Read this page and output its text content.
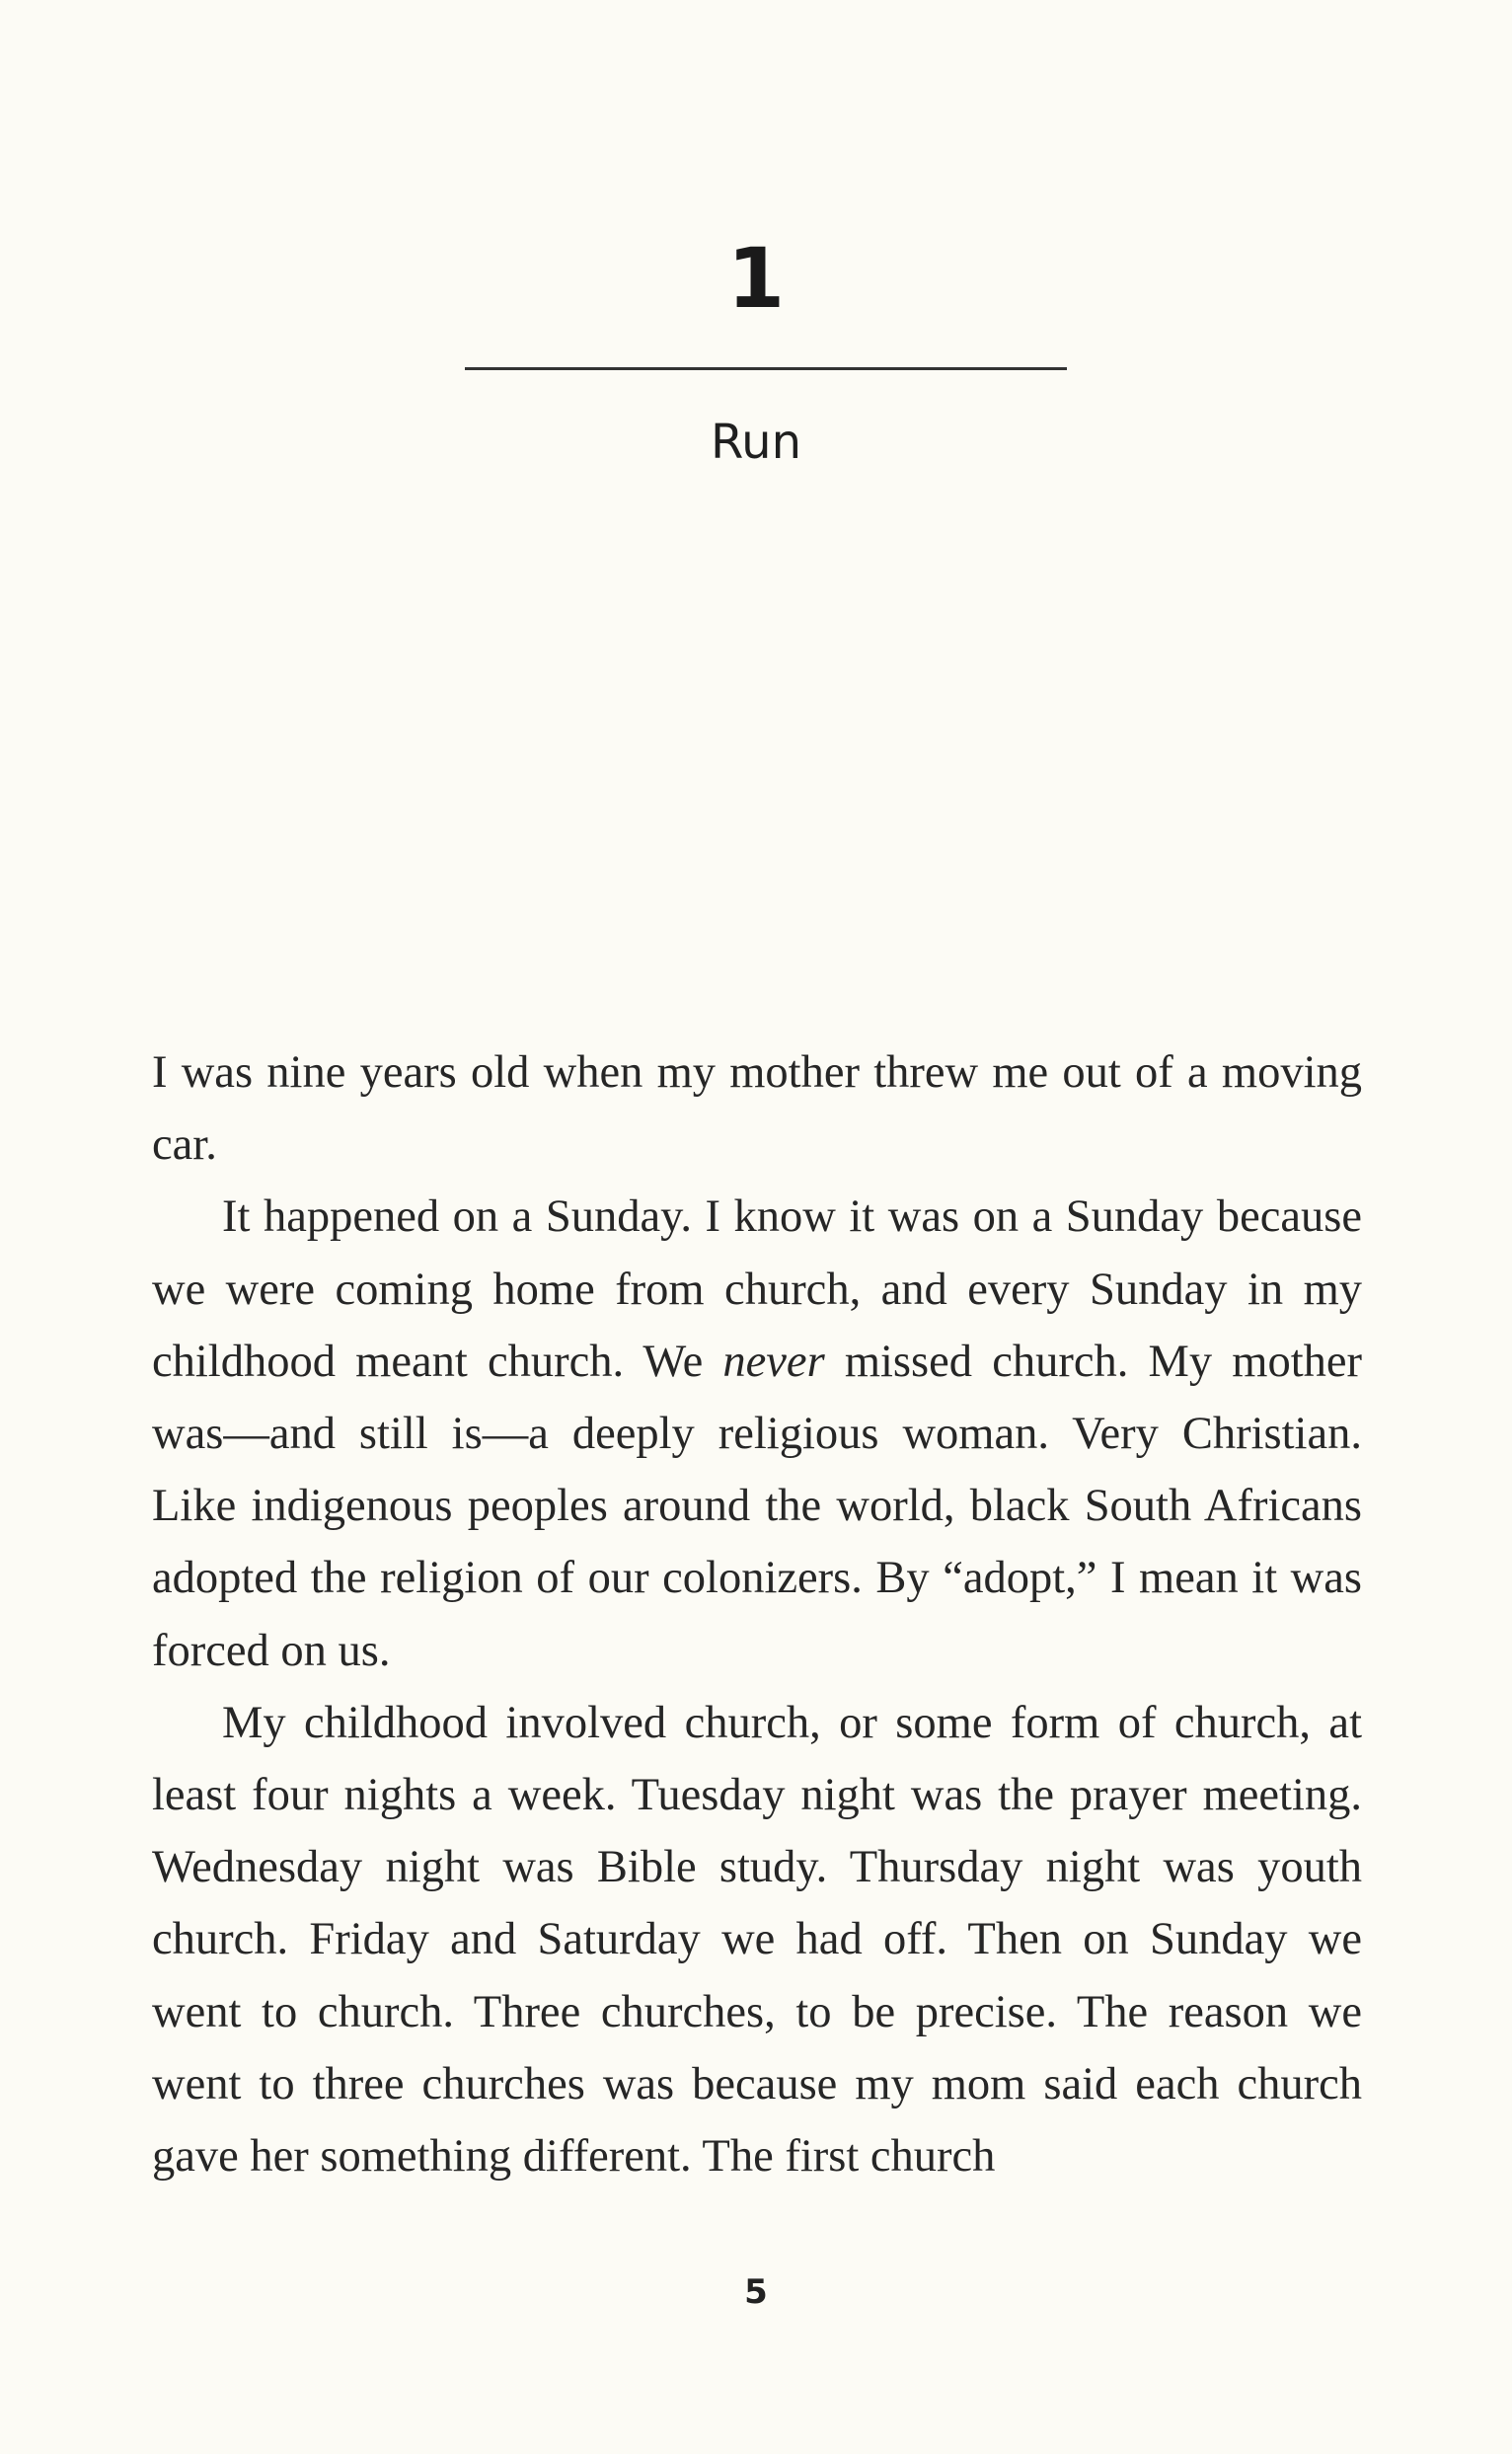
1
Run

I was nine years old when my mother threw me out of a moving car.

It happened on a Sunday. I know it was on a Sunday because we were coming home from church, and every Sunday in my childhood meant church. We never missed church. My mother was—and still is—a deeply religious woman. Very Christian. Like indigenous peoples around the world, black South Africans adopted the religion of our colonizers. By “adopt,” I mean it was forced on us.

My childhood involved church, or some form of church, at least four nights a week. Tuesday night was the prayer meeting. Wednesday night was Bible study. Thursday night was youth church. Friday and Saturday we had off. Then on Sunday we went to church. Three churches, to be precise. The reason we went to three churches was because my mom said each church gave her something different. The first church

5
